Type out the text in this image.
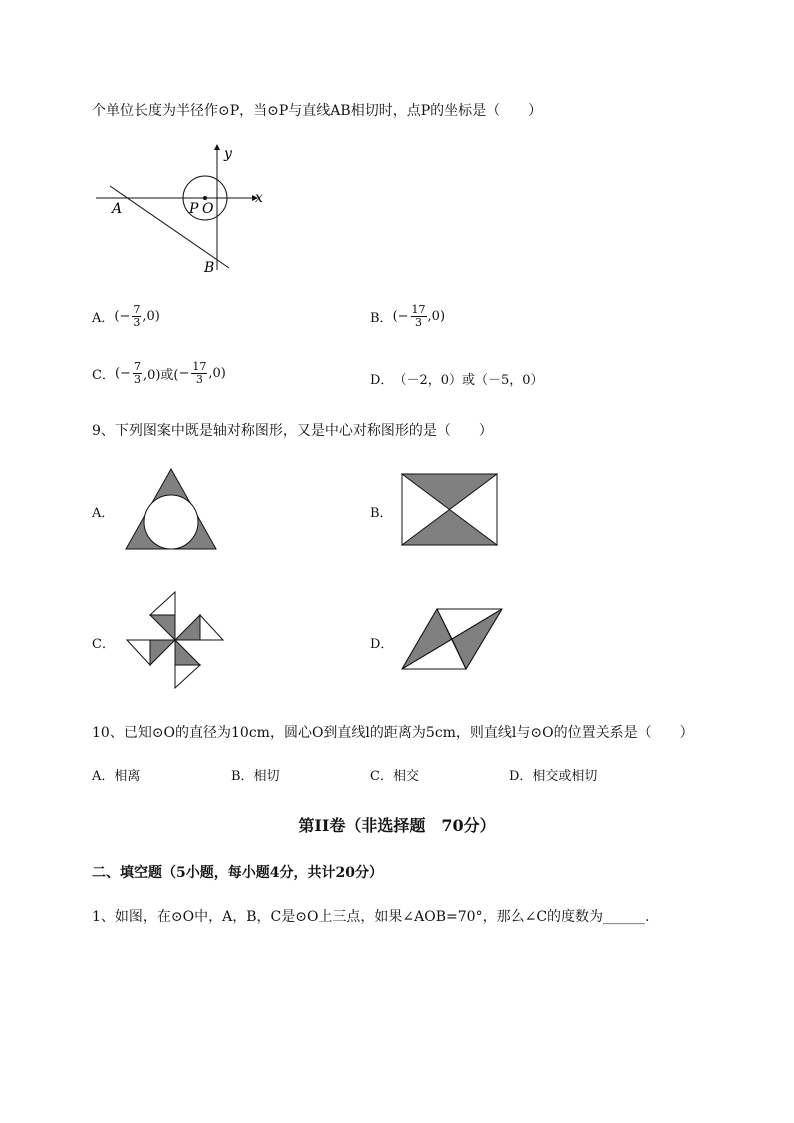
个单位长度为半径作⊙P，当⊙P与直线AB相切时，点P的坐标是（　　）
y
x
A
B
P O
A． ( − $\frac{7}{3} ,0$)	B． ( − $\frac{17}{3} ,0$)
C． ( − $\frac{7}{3} ,0$)或( − $\frac{17}{3} ,0$)	D． （－2，0）或（－5，0）
9、下列图案中既是轴对称图形，又是中心对称图形的是（　　）
A．	B．
C．	D．
10、已知⊙O的直径为10cm，圆心O到直线l的距离为5cm，则直线l与⊙O的位置关系是（　　）
A．相离	B．相切	C．相交	D．相交或相切
第II卷（非选择题　70分）
二、填空题（5小题，每小题4分，共计20分）
1、如图，在⊙O中，A，B，C是⊙O上三点，如果∠AOB=70°，那么∠C的度数为______.
